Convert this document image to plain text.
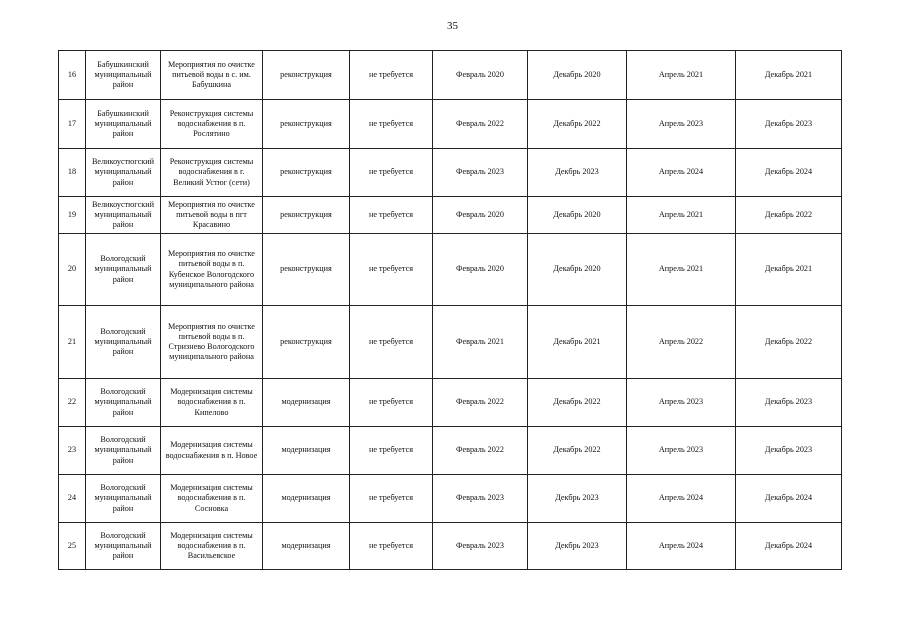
35
16	Бабушкинский муниципальный район	Мероприятия по очистке питьевой воды в с. им. Бабушкина	реконструкция	не требуется	Февраль 2020	Декабрь 2020	Апрель 2021	Декабрь 2021
17	Бабушкинский муниципальный район	Реконструкция системы водоснабжения в п. Рослятино	реконструкция	не требуется	Февраль 2022	Декабрь 2022	Апрель 2023	Декабрь 2023
18	Великоустюгский муниципальный район	Реконструкция системы водоснабжения в г. Великий Устюг (сети)	реконструкция	не требуется	Февраль 2023	Декбрь 2023	Апрель 2024	Декабрь 2024
19	Великоустюгский муниципальный район	Мероприятия по очистке питьевой воды в пгт Красавино	реконструкция	не требуется	Февраль 2020	Декабрь 2020	Апрель 2021	Декабрь 2022
20	Вологодский муниципальный район	Мероприятия по очистке питьевой воды в п. Кубенское Вологодского муниципального района	реконструкция	не требуется	Февраль 2020	Декабрь 2020	Апрель 2021	Декабрь 2021
21	Вологодский муниципальный район	Мероприятия по очистке питьевой воды в п. Стризнево Вологодского муниципального района	реконструкция	не требуется	Февраль 2021	Декабрь 2021	Апрель 2022	Декабрь 2022
22	Вологодский муниципальный район	Модернизация системы водоснабжения в п. Кипелово	модернизация	не требуется	Февраль 2022	Декабрь 2022	Апрель 2023	Декабрь 2023
23	Вологодский муниципальный район	Модернизация системы водоснабжения в п. Новое	модернизация	не требуется	Февраль 2022	Декабрь 2022	Апрель 2023	Декабрь 2023
24	Вологодский муниципальный район	Модернизация системы водоснабжения в п. Сосновка	модернизация	не требуется	Февраль 2023	Декбрь 2023	Апрель 2024	Декабрь 2024
25	Вологодский муниципальный район	Модернизация системы водоснабжения в п. Васильевское	модернизация	не требуется	Февраль 2023	Декбрь 2023	Апрель 2024	Декабрь 2024
